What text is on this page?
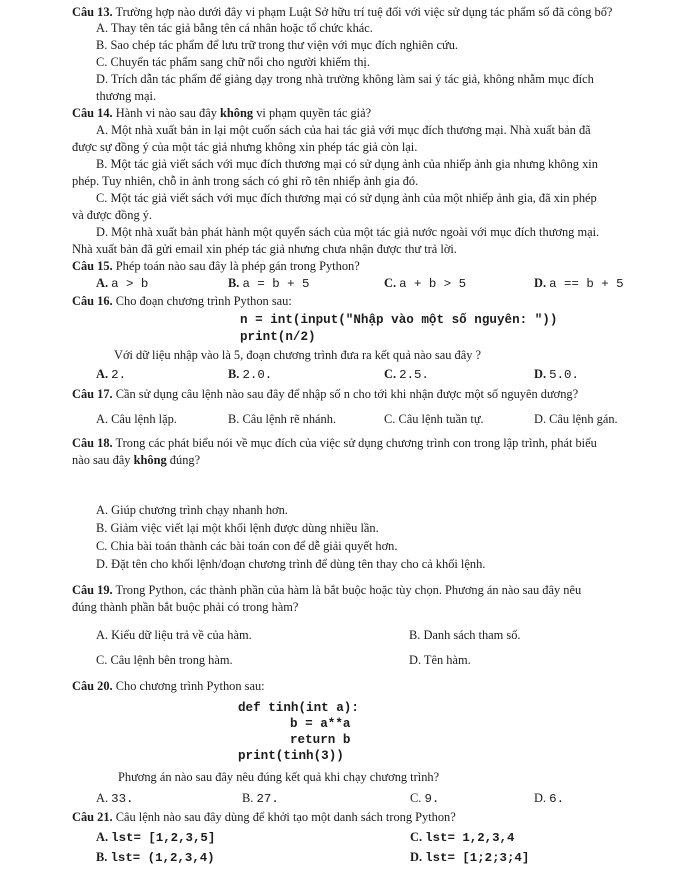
Câu 13. Trường hợp nào dưới đây vi phạm Luật Sở hữu trí tuệ đối với việc sử dụng tác phẩm số đã công bố?
A. Thay tên tác giả bằng tên cá nhân hoặc tổ chức khác.
B. Sao chép tác phẩm để lưu trữ trong thư viện với mục đích nghiên cứu.
C. Chuyển tác phẩm sang chữ nổi cho người khiếm thị.
D. Trích dẫn tác phẩm để giảng dạy trong nhà trường không làm sai ý tác giả, không nhằm mục đích
thương mại.
Câu 14. Hành vi nào sau đây không vi phạm quyền tác giả?
A. Một nhà xuất bản in lại một cuốn sách của hai tác giả với mục đích thương mại. Nhà xuất bản đã
được sự đồng ý của một tác giả nhưng không xin phép tác giả còn lại.
B. Một tác giả viết sách với mục đích thương mại có sử dụng ảnh của nhiếp ảnh gia nhưng không xin
phép. Tuy nhiên, chỗ in ảnh trong sách có ghi rõ tên nhiếp ảnh gia đó.
C. Một tác giả viết sách với mục đích thương mại có sử dụng ảnh của một nhiếp ảnh gia, đã xin phép
và được đồng ý.
D. Một nhà xuất bản phát hành một quyển sách của một tác giả nước ngoài với mục đích thương mại.
Nhà xuất bản đã gửi email xin phép tác giả nhưng chưa nhận được thư trả lời.
Câu 15. Phép toán nào sau đây là phép gán trong Python?
A. a > b	B. a = b + 5	C. a + b > 5	D. a == b + 5
Câu 16. Cho đoạn chương trình Python sau:
n = int(input("Nhập vào một số nguyên: "))
print(n/2)
Với dữ liệu nhập vào là 5, đoạn chương trình đưa ra kết quả nào sau đây ?
A. 2.	B. 2.0.	C. 2.5.	D. 5.0.
Câu 17. Cần sử dụng câu lệnh nào sau đây để nhập số n cho tới khi nhận được một số nguyên dương?
A. Câu lệnh lặp.	B. Câu lệnh rẽ nhánh.	C. Câu lệnh tuần tự.	D. Câu lệnh gán.
Câu 18. Trong các phát biểu nói về mục đích của việc sử dụng chương trình con trong lập trình, phát biểu
nào sau đây không đúng?
A. Giúp chương trình chạy nhanh hơn.
B. Giảm việc viết lại một khối lệnh được dùng nhiều lần.
C. Chia bài toán thành các bài toán con để dễ giải quyết hơn.
D. Đặt tên cho khối lệnh/đoạn chương trình để dùng tên thay cho cả khối lệnh.
Câu 19. Trong Python, các thành phần của hàm là bắt buộc hoặc tùy chọn. Phương án nào sau đây nêu
đúng thành phần bắt buộc phải có trong hàm?
A. Kiểu dữ liệu trả về của hàm.	B. Danh sách tham số.
C. Câu lệnh bên trong hàm.	D. Tên hàm.
Câu 20. Cho chương trình Python sau:
def tinh(int a):
b = a**a
return b
print(tinh(3))
Phương án nào sau đây nêu đúng kết quả khi chạy chương trình?
A. 33.	B. 27.	C. 9.	D. 6.
Câu 21. Câu lệnh nào sau đây dùng để khởi tạo một danh sách trong Python?
A. lst= [1,2,3,5]	C. lst= 1,2,3,4
B. lst= (1,2,3,4)	D. lst= [1;2;3;4]
